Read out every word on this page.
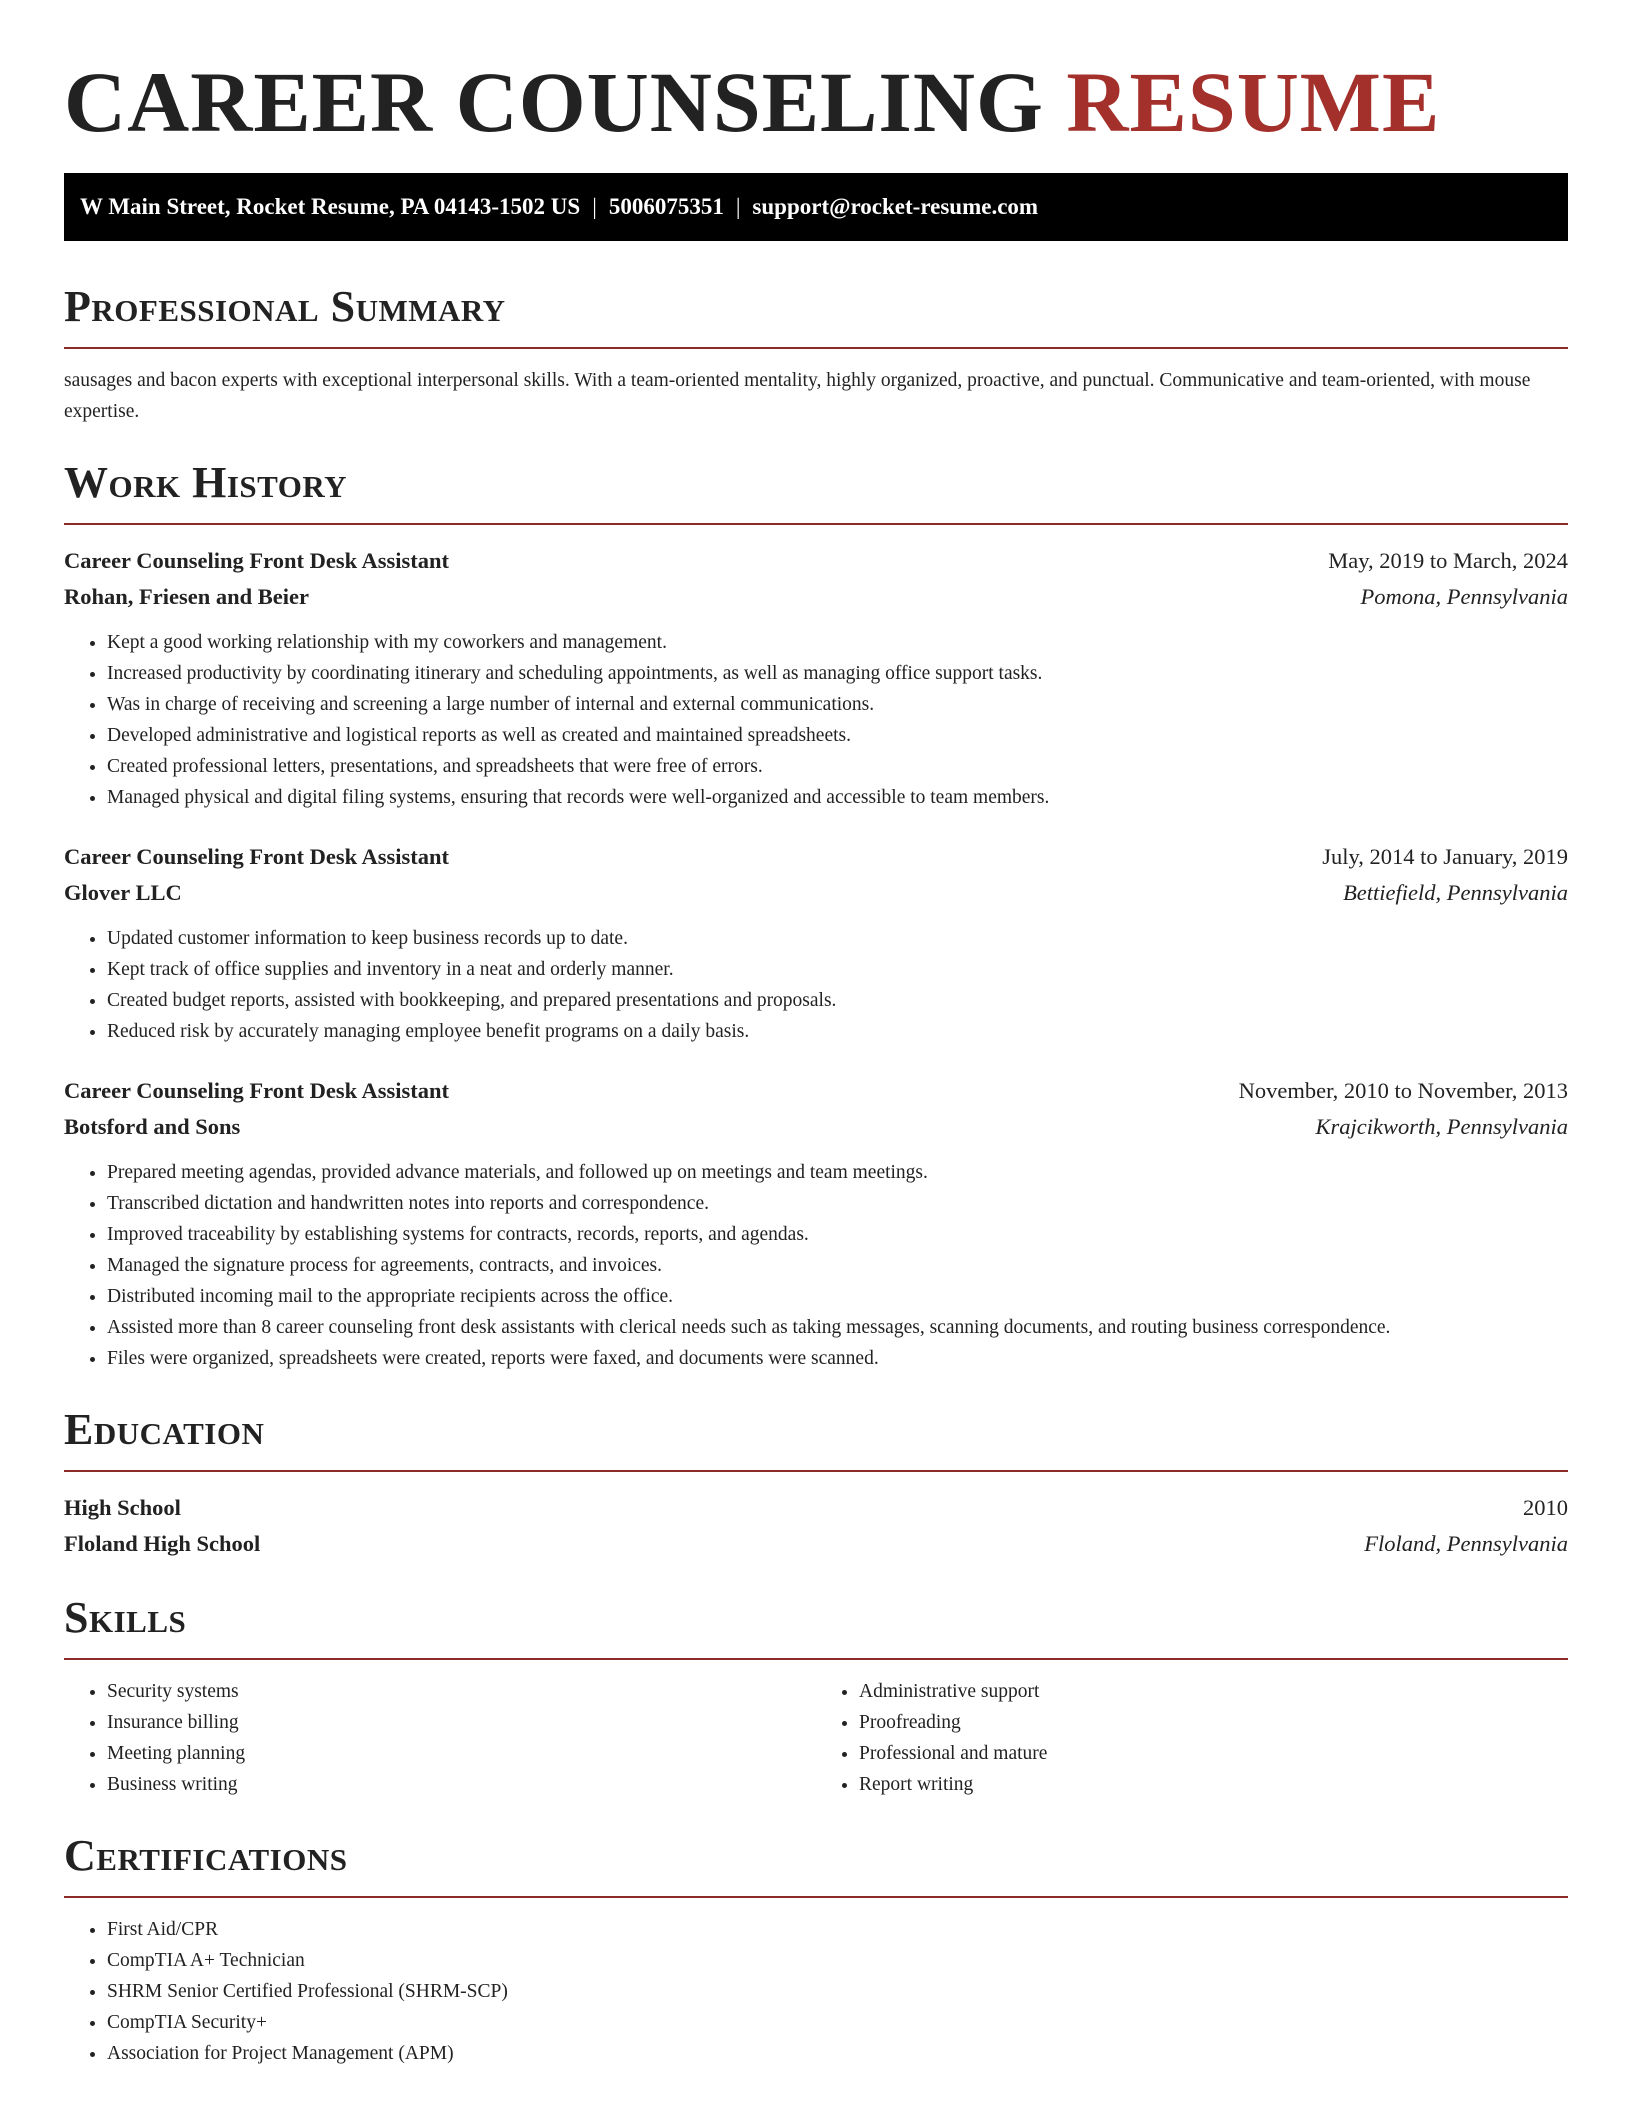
CAREER COUNSELING RESUME
W Main Street, Rocket Resume, PA 04143-1502 US | 5006075351 | support@rocket-resume.com
Professional Summary
sausages and bacon experts with exceptional interpersonal skills. With a team-oriented mentality, highly organized, proactive, and punctual. Communicative and team-oriented, with mouse expertise.
Work History
Career Counseling Front Desk Assistant	May, 2019 to March, 2024
Rohan, Friesen and Beier	Pomona, Pennsylvania
• Kept a good working relationship with my coworkers and management.
• Increased productivity by coordinating itinerary and scheduling appointments, as well as managing office support tasks.
• Was in charge of receiving and screening a large number of internal and external communications.
• Developed administrative and logistical reports as well as created and maintained spreadsheets.
• Created professional letters, presentations, and spreadsheets that were free of errors.
• Managed physical and digital filing systems, ensuring that records were well-organized and accessible to team members.
Career Counseling Front Desk Assistant	July, 2014 to January, 2019
Glover LLC	Bettiefield, Pennsylvania
• Updated customer information to keep business records up to date.
• Kept track of office supplies and inventory in a neat and orderly manner.
• Created budget reports, assisted with bookkeeping, and prepared presentations and proposals.
• Reduced risk by accurately managing employee benefit programs on a daily basis.
Career Counseling Front Desk Assistant	November, 2010 to November, 2013
Botsford and Sons	Krajcikworth, Pennsylvania
• Prepared meeting agendas, provided advance materials, and followed up on meetings and team meetings.
• Transcribed dictation and handwritten notes into reports and correspondence.
• Improved traceability by establishing systems for contracts, records, reports, and agendas.
• Managed the signature process for agreements, contracts, and invoices.
• Distributed incoming mail to the appropriate recipients across the office.
• Assisted more than 8 career counseling front desk assistants with clerical needs such as taking messages, scanning documents, and routing business correspondence.
• Files were organized, spreadsheets were created, reports were faxed, and documents were scanned.
Education
High School	2010
Floland High School	Floland, Pennsylvania
Skills
• Security systems
• Insurance billing
• Meeting planning
• Business writing
• Administrative support
• Proofreading
• Professional and mature
• Report writing
Certifications
• First Aid/CPR
• CompTIA A+ Technician
• SHRM Senior Certified Professional (SHRM-SCP)
• CompTIA Security+
• Association for Project Management (APM)
